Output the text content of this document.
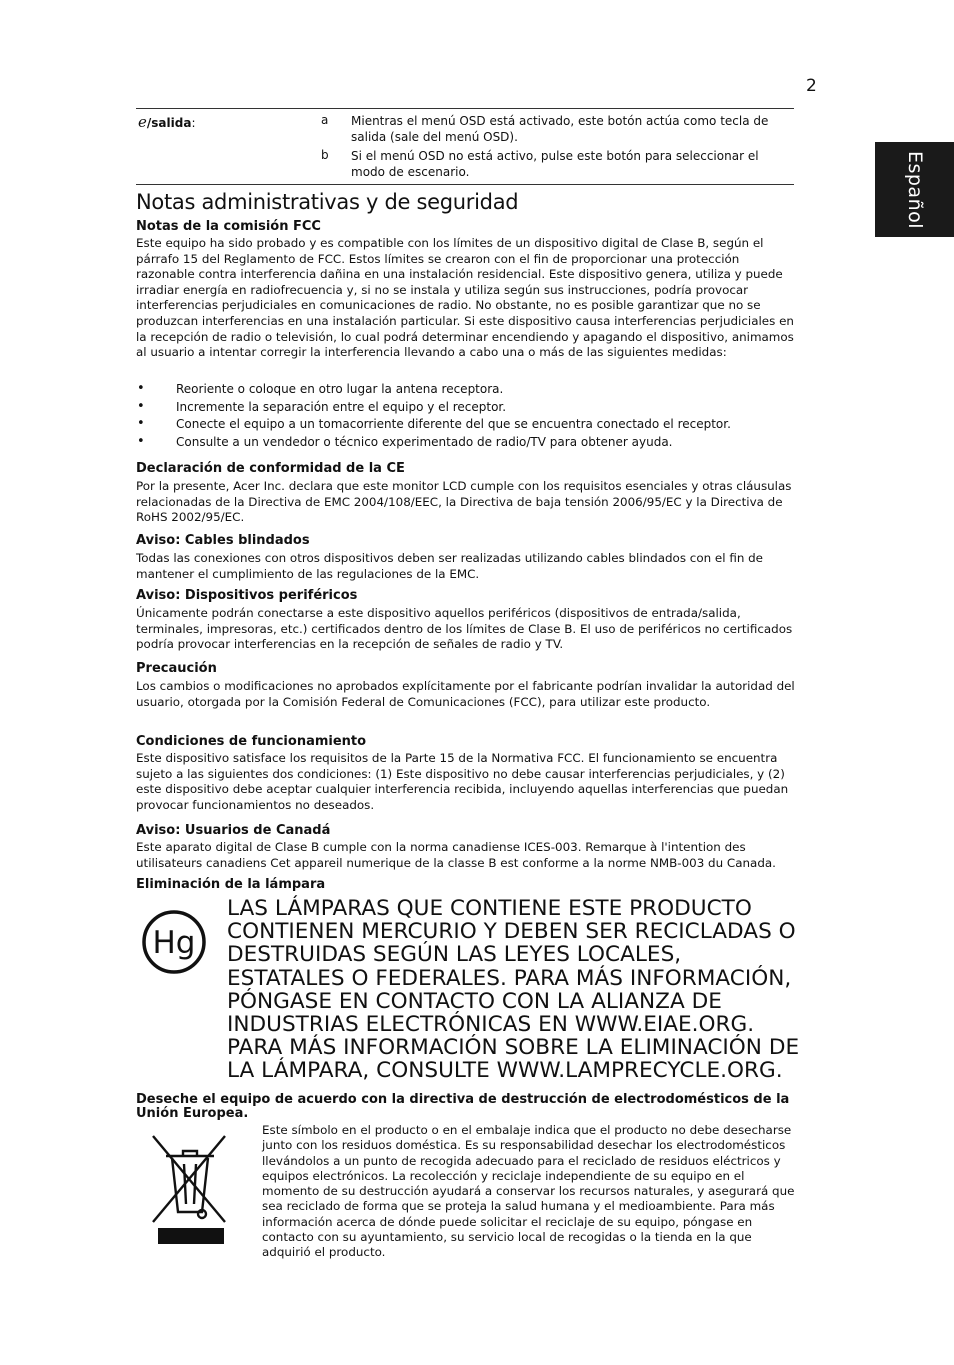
2
Español
e/salida:	a Mientras el menú OSD está activado, este botón actúa como tecla de salida (sale del menú OSD).
b Si el menú OSD no está activo, pulse este botón para seleccionar el modo de escenario.
Notas administrativas y de seguridad
Notas de la comisión FCC

Este equipo ha sido probado y es compatible con los límites de un dispositivo digital de Clase B, según el párrafo 15 del Reglamento de FCC. Estos límites se crearon con el fin de proporcionar una protección razonable contra interferencia dañina en una instalación residencial. Este dispositivo genera, utiliza y puede irradiar energía en radiofrecuencia y, si no se instala y utiliza según sus instrucciones, podría provocar interferencias perjudiciales en comunicaciones de radio. No obstante, no es posible garantizar que no se produzcan interferencias en una instalación particular. Si este dispositivo causa interferencias perjudiciales en la recepción de radio o televisión, lo cual podrá determinar encendiendo y apagando el dispositivo, animamos al usuario a intentar corregir la interferencia llevando a cabo una o más de las siguientes medidas:

•	Reoriente o coloque en otro lugar la antena receptora.
•	Incremente la separación entre el equipo y el receptor.
•	Conecte el equipo a un tomacorriente diferente del que se encuentra conectado el receptor.
•	Consulte a un vendedor o técnico experimentado de radio/TV para obtener ayuda.
Declaración de conformidad de la CE

Por la presente, Acer Inc. declara que este monitor LCD cumple con los requisitos esenciales y otras cláusulas relacionadas de la Directiva de EMC 2004/108/EEC, la Directiva de baja tensión 2006/95/EC y la Directiva de RoHS 2002/95/EC.

Aviso: Cables blindados

Todas las conexiones con otros dispositivos deben ser realizadas utilizando cables blindados con el fin de mantener el cumplimiento de las regulaciones de la EMC.

Aviso: Dispositivos periféricos

Únicamente podrán conectarse a este dispositivo aquellos periféricos (dispositivos de entrada/salida, terminales, impresoras, etc.) certificados dentro de los límites de Clase B. El uso de periféricos no certificados podría provocar interferencias en la recepción de señales de radio y TV.

Precaución

Los cambios o modificaciones no aprobados explícitamente por el fabricante podrían invalidar la autoridad del usuario, otorgada por la Comisión Federal de Comunicaciones (FCC), para utilizar este producto.

Condiciones de funcionamiento

Este dispositivo satisface los requisitos de la Parte 15 de la Normativa FCC. El funcionamiento se encuentra sujeto a las siguientes dos condiciones: (1) Este dispositivo no debe causar interferencias perjudiciales, y (2) este dispositivo debe aceptar cualquier interferencia recibida, incluyendo aquellas interferencias que puedan provocar funcionamientos no deseados.

Aviso: Usuarios de Canadá

Este aparato digital de Clase B cumple con la norma canadiense ICES-003. Remarque à l'intention des utilisateurs canadiens Cet appareil numerique de la classe B est conforme a la norme NMB-003 du Canada.

Eliminación de la lámpara
Hg

LAS LÁMPARAS QUE CONTIENE ESTE PRODUCTO CONTIENEN MERCURIO Y DEBEN SER RECICLADAS O DESTRUIDAS SEGÚN LAS LEYES LOCALES, ESTATALES O FEDERALES. PARA MÁS INFORMACIÓN, PÓNGASE EN CONTACTO CON LA ALIANZA DE INDUSTRIAS ELECTRÓNICAS EN WWW.EIAE.ORG. PARA MÁS INFORMACIÓN SOBRE LA ELIMINACIÓN DE LA LÁMPARA, CONSULTE WWW.LAMPRECYCLE.ORG.

Deseche el equipo de acuerdo con la directiva de destrucción de electrodomésticos de la Unión Europea.

Este símbolo en el producto o en el embalaje indica que el producto no debe desecharse junto con los residuos doméstica. Es su responsabilidad desechar los electrodomésticos llevándolos a un punto de recogida adecuado para el reciclado de residuos eléctricos y equipos electrónicos. La recolección y reciclaje independiente de su equipo en el momento de su destrucción ayudará a conservar los recursos naturales, y asegurará que sea reciclado de forma que se proteja la salud humana y el medioambiente. Para más información acerca de dónde puede solicitar el reciclaje de su equipo, póngase en contacto con su ayuntamiento, su servicio local de recogidas o la tienda en la que adquirió el producto.
